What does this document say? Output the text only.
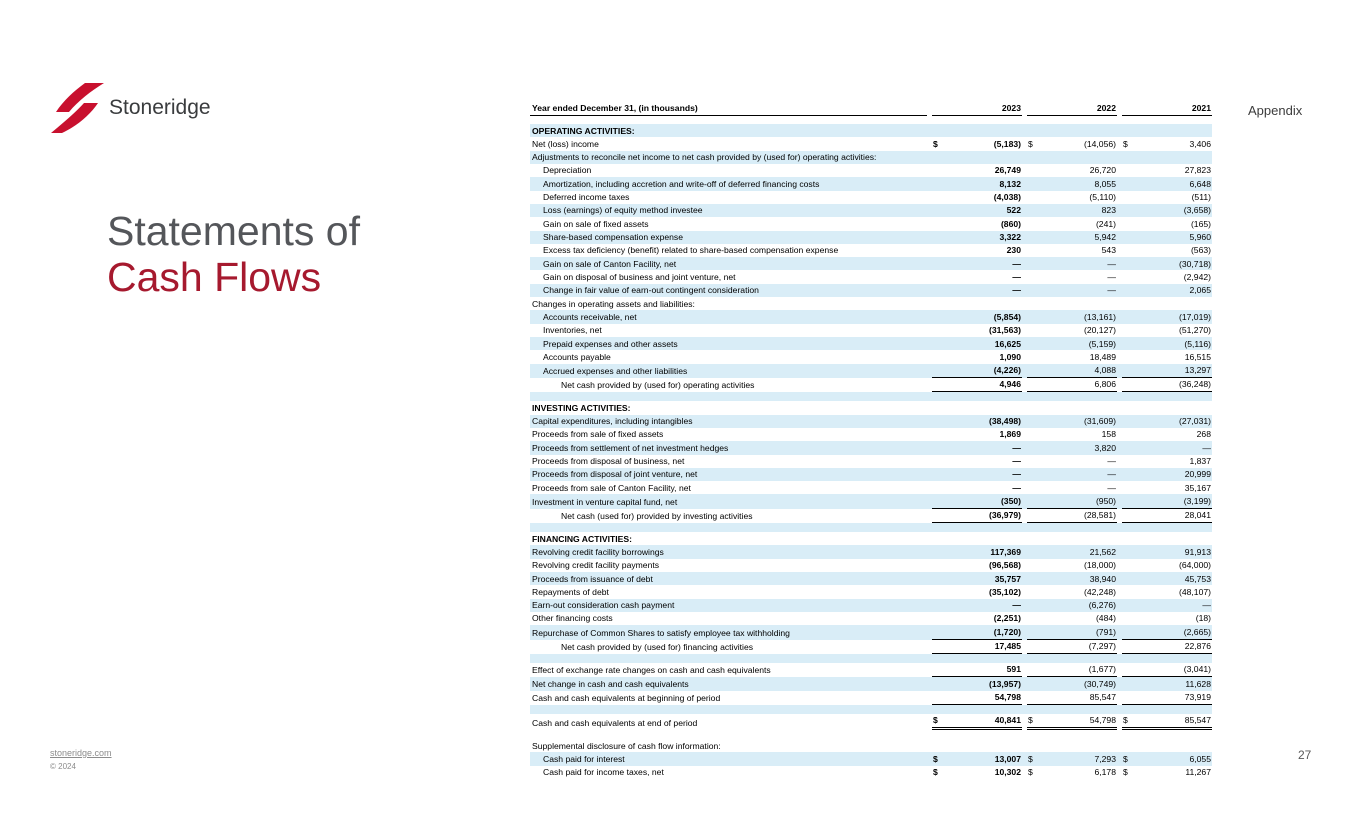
Stoneridge
Statements of
Cash Flows
Appendix
stoneridge.com
© 2024
27
Year ended December 31, (in thousands)	2023	2022	2021
OPERATING ACTIVITIES:
Net (loss) income	$	(5,183) $	(14,056) $	3,406
Adjustments to reconcile net income to net cash provided by (used for) operating activities:
Depreciation	26,749	26,720	27,823
Amortization, including accretion and write-off of deferred financing costs	8,132	8,055	6,648
Deferred income taxes	(4,038)	(5,110)	(511)
Loss (earnings) of equity method investee	522	823	(3,658)
Gain on sale of fixed assets	(860)	(241)	(165)
Share-based compensation expense	3,322	5,942	5,960
Excess tax deficiency (benefit) related to share-based compensation expense	230	543	(563)
Gain on sale of Canton Facility, net	—	—	(30,718)
Gain on disposal of business and joint venture, net	—	—	(2,942)
Change in fair value of earn-out contingent consideration	—	—	2,065
Changes in operating assets and liabilities:
Accounts receivable, net	(5,854)	(13,161)	(17,019)
Inventories, net	(31,563)	(20,127)	(51,270)
Prepaid expenses and other assets	16,625	(5,159)	(5,116)
Accounts payable	1,090	18,489	16,515
Accrued expenses and other liabilities	(4,226)	4,088	13,297
Net cash provided by (used for) operating activities	4,946	6,806	(36,248)
INVESTING ACTIVITIES:
Capital expenditures, including intangibles	(38,498)	(31,609)	(27,031)
Proceeds from sale of fixed assets	1,869	158	268
Proceeds from settlement of net investment hedges	—	3,820	—
Proceeds from disposal of business, net	—	—	1,837
Proceeds from disposal of joint venture, net	—	—	20,999
Proceeds from sale of Canton Facility, net	—	—	35,167
Investment in venture capital fund, net	(350)	(950)	(3,199)
Net cash (used for) provided by investing activities	(36,979)	(28,581)	28,041
FINANCING ACTIVITIES:
Revolving credit facility borrowings	117,369	21,562	91,913
Revolving credit facility payments	(96,568)	(18,000)	(64,000)
Proceeds from issuance of debt	35,757	38,940	45,753
Repayments of debt	(35,102)	(42,248)	(48,107)
Earn-out consideration cash payment	—	(6,276)	—
Other financing costs	(2,251)	(484)	(18)
Repurchase of Common Shares to satisfy employee tax withholding	(1,720)	(791)	(2,665)
Net cash provided by (used for) financing activities	17,485	(7,297)	22,876
Effect of exchange rate changes on cash and cash equivalents	591	(1,677)	(3,041)
Net change in cash and cash equivalents	(13,957)	(30,749)	11,628
Cash and cash equivalents at beginning of period	54,798	85,547	73,919
Cash and cash equivalents at end of period	$	40,841 $	54,798 $	85,547
Supplemental disclosure of cash flow information:
Cash paid for interest	$	13,007 $	7,293 $	6,055
Cash paid for income taxes, net	$	10,302 $	6,178 $	11,267
